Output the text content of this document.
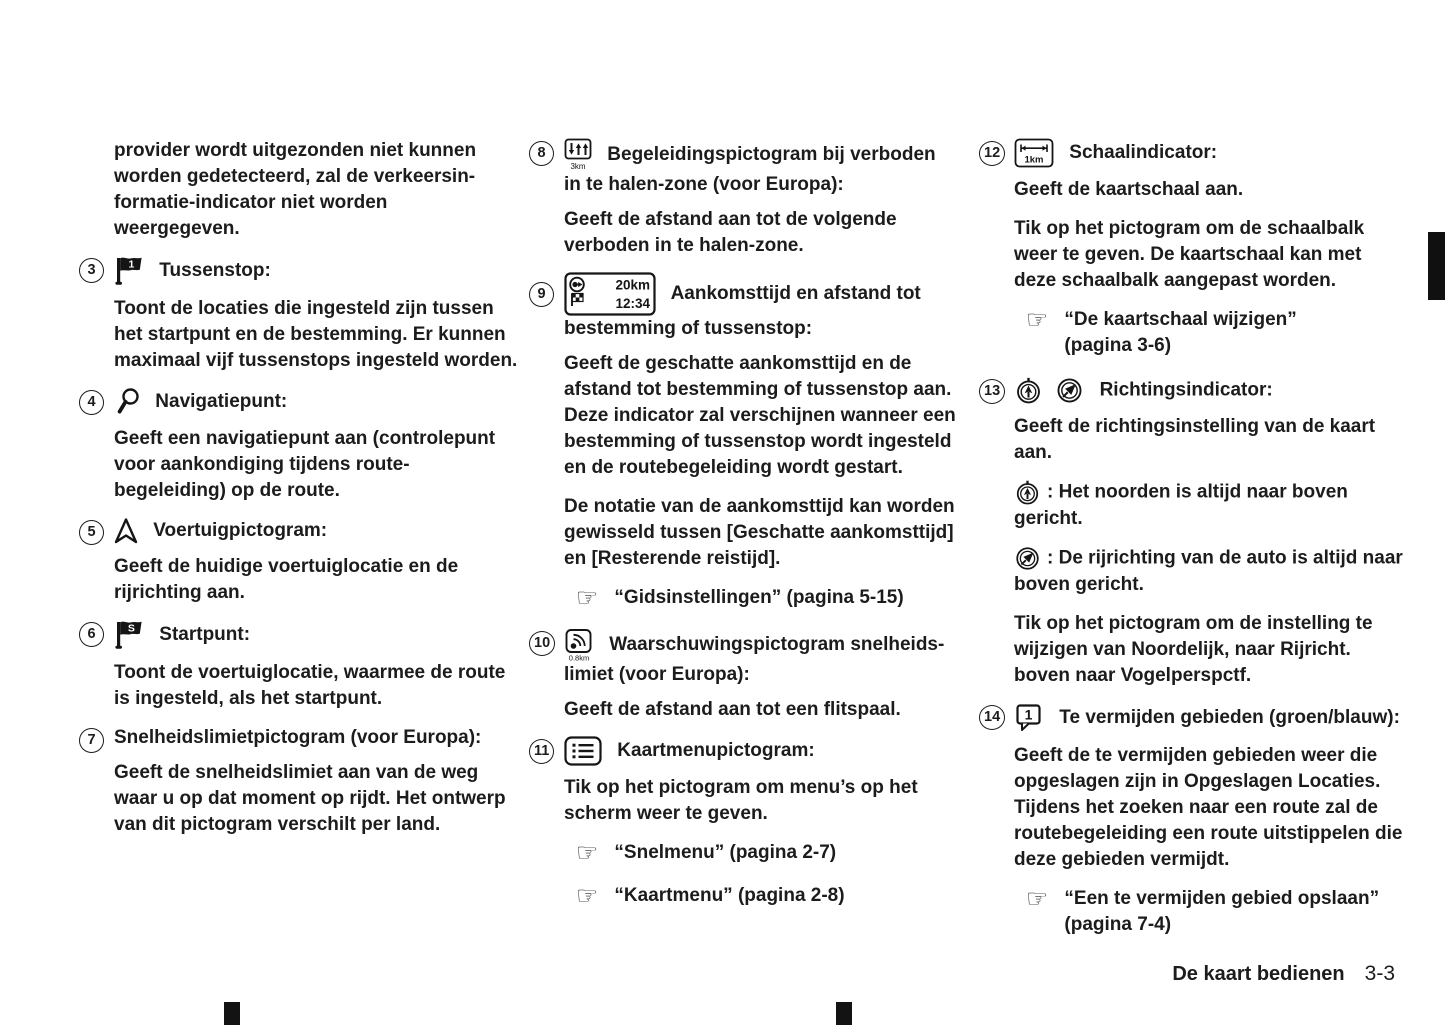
provider wordt uitgezonden niet kunnen worden gedetecteerd, zal de verkeersin-formatie-indicator niet worden weergegeven.

3	1 Tussenstop:

Toont de locaties die ingesteld zijn tussen het startpunt en de bestemming. Er kunnen maximaal vijf tussenstops ingesteld worden.

4	Navigatiepunt:

Geeft een navigatiepunt aan (controlepunt voor aankondiging tijdens route-begeleiding) op de route.

5	Voertuigpictogram:

Geeft de huidige voertuiglocatie en de rijrichting aan.

6	S Startpunt:

Toont de voertuiglocatie, waarmee de route is ingesteld, als het startpunt.

7 Snelheidslimietpictogram (voor Europa):

Geeft de snelheidslimiet aan van de weg waar u op dat moment op rijdt. Het ontwerp van dit pictogram verschilt per land.

8
3km
Begeleidingspictogram bij verboden in te halen-zone (voor Europa):

Geeft de afstand aan tot de volgende verboden in te halen-zone.

9
20km
12:34 Aankomsttijd en afstand tot bestemming of tussenstop:

Geeft de geschatte aankomsttijd en de afstand tot bestemming of tussenstop aan. Deze indicator zal verschijnen wanneer een bestemming of tussenstop wordt ingesteld en de routebegeleiding wordt gestart.

De notatie van de aankomsttijd kan worden gewisseld tussen [Geschatte aankomsttijd] en [Resterende reistijd].

☞ “Gidsinstellingen” (pagina 5-15)
10
0.8km
Waarschuwingspictogram snelheids-limiet (voor Europa):

Geeft de afstand aan tot een flitspaal.

11	Kaartmenupictogram:

Tik op het pictogram om menu’s op het scherm weer te geven.

☞ “Snelmenu” (pagina 2-7)
☞ “Kaartmenu” (pagina 2-8)
12	1km Schaalindicator:

Geeft de kaartschaal aan.

Tik op het pictogram om de schaalbalk weer te geven. De kaartschaal kan met deze schaalbalk aangepast worden.

☞ “De kaartschaal wijzigen” (pagina 3-6)
13
	Richtingsindicator:

Geeft de richtingsinstelling van de kaart aan.

: Het noorden is altijd naar boven gericht.

: De rijrichting van de auto is altijd naar boven gericht.

Tik op het pictogram om de instelling te wijzigen van Noordelijk, naar Rijricht. boven naar Vogelperspctf.

14	1 Te vermijden gebieden (groen/blauw):

Geeft de te vermijden gebieden weer die opgeslagen zijn in Opgeslagen Locaties. Tijdens het zoeken naar een route zal de routebegeleiding een route uitstippelen die deze gebieden vermijdt.

☞ “Een te vermijden gebied opslaan” (pagina 7-4)
De kaart bedienen 3-3
